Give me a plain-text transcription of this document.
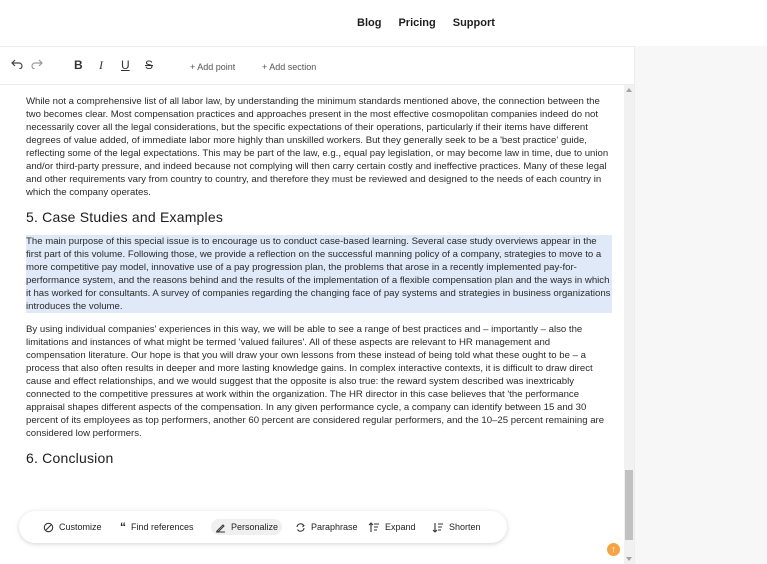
Blog Pricing Support
B I U S	+ Add point	+ Add section

While not a comprehensive list of all labor law, by understanding the minimum standards mentioned above, the connection between the two becomes clear. Most compensation practices and approaches present in the most effective cosmopolitan companies indeed do not necessarily cover all the legal considerations, but the specific expectations of their operations, particularly if their items have different degrees of value added, of immediate labor more highly than unskilled workers. But they generally seek to be a 'best practice' guide, reflecting some of the legal expectations. This may be part of the law, e.g., equal pay legislation, or may become law in time, due to union and/or third-party pressure, and indeed because not complying will then carry certain costly and ineffective practices. Many of these legal and other requirements vary from country to country, and therefore they must be reviewed and designed to the needs of each country in which the company operates.

5. Case Studies and Examples

The main purpose of this special issue is to encourage us to conduct case-based learning. Several case study overviews appear in the first part of this volume. Following those, we provide a reflection on the successful manning policy of a company, strategies to move to a more competitive pay model, innovative use of a pay progression plan, the problems that arose in a recently implemented pay-for-performance system, and the reasons behind and the results of the implementation of a flexible compensation plan and the ways in which it has worked for consultants. A survey of companies regarding the changing face of pay systems and strategies in business organizations introduces the volume.

By using individual companies' experiences in this way, we will be able to see a range of best practices and – importantly – also the limitations and instances of what might be termed 'valued failures'. All of these aspects are relevant to HR management and compensation literature. Our hope is that you will draw your own lessons from these instead of being told what these ought to be – a process that also often results in deeper and more lasting knowledge gains. In complex interactive contexts, it is difficult to draw direct cause and effect relationships, and we would suggest that the opposite is also true: the reward system described was inextricably connected to the competitive pressures at work within the organization. The HR director in this case believes that 'the performance appraisal shapes different aspects of the compensation. In any given performance cycle, a company can identify between 15 and 30 percent of its employees as top performers, another 60 percent are considered regular performers, and the 10–25 percent remaining are considered low performers.

6. Conclusion
Customize “ Find references	Personalize	Paraphrase	Expand	Shorten
↑
